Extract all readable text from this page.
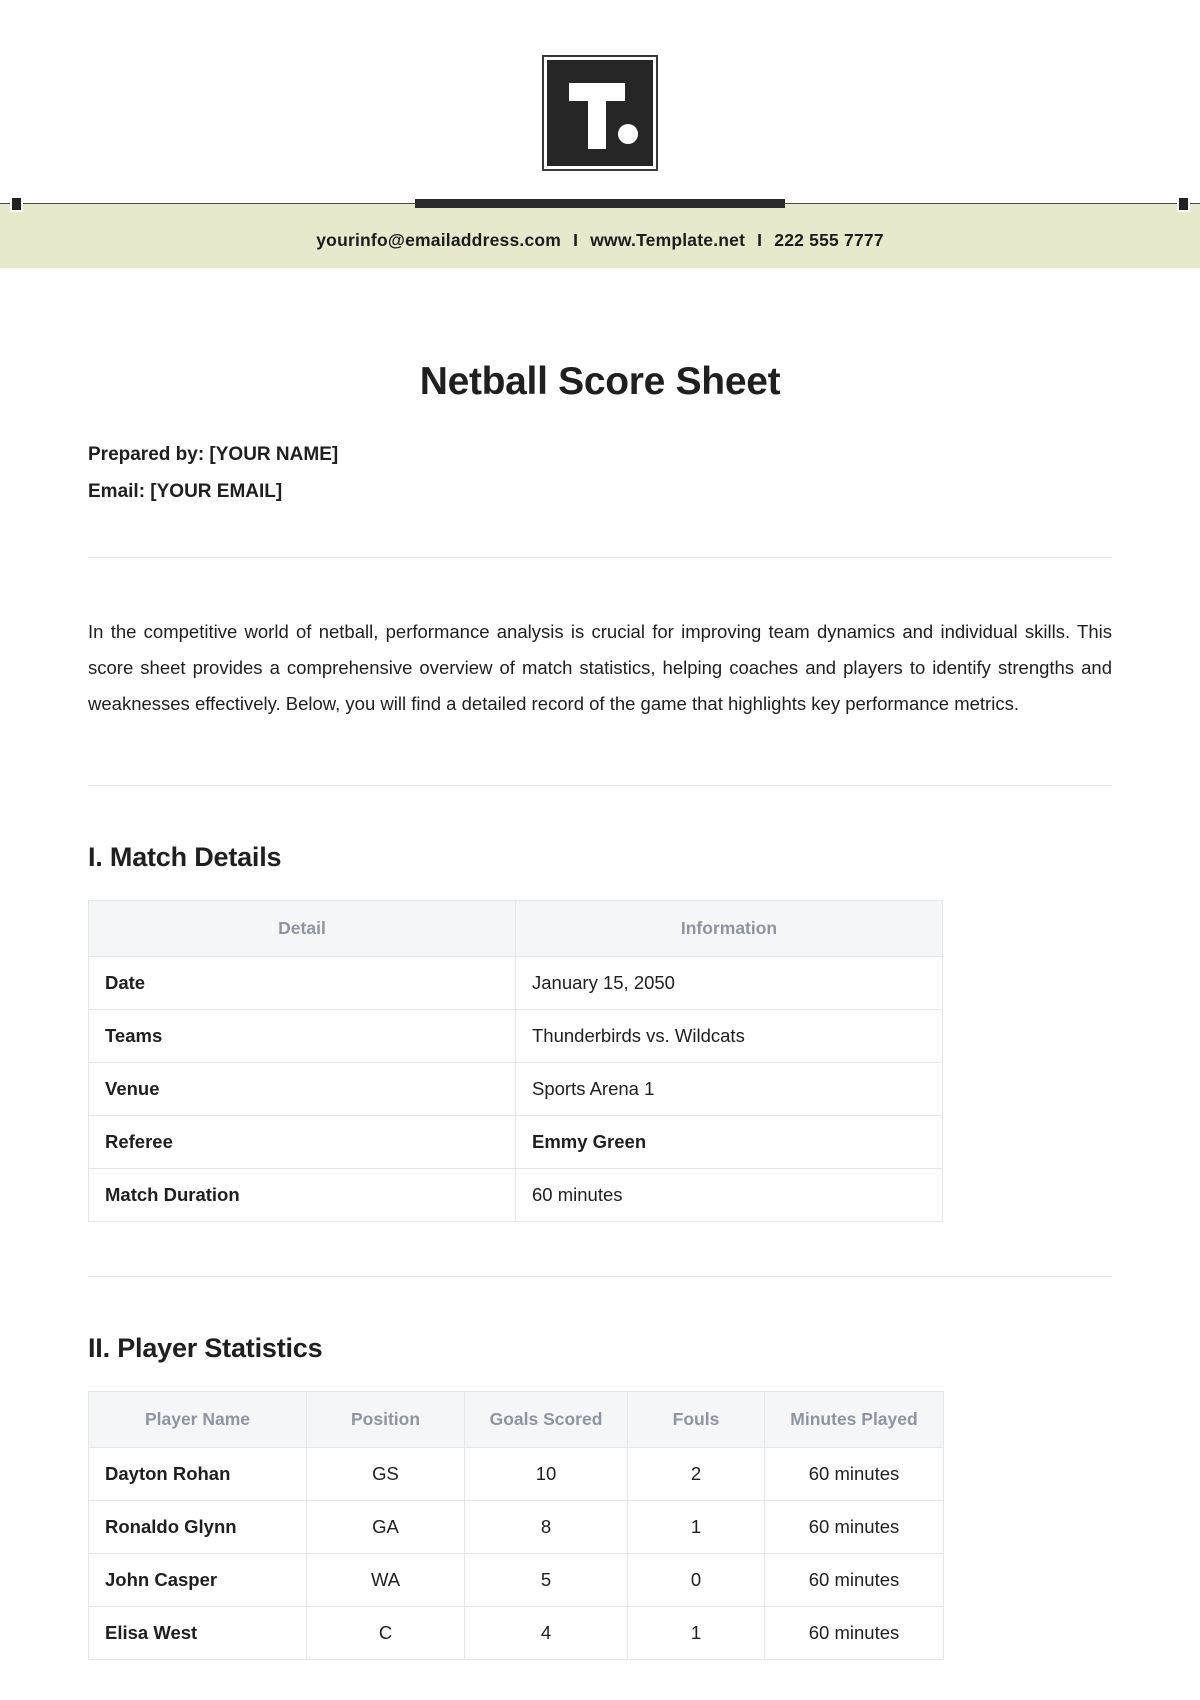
yourinfo@emailaddress.com I www.Template.net I 222 555 7777
Netball Score Sheet
Prepared by: [YOUR NAME]
Email: [YOUR EMAIL]

In the competitive world of netball, performance analysis is crucial for improving team dynamics and individual skills. This score sheet provides a comprehensive overview of match statistics, helping coaches and players to identify strengths and weaknesses effectively. Below, you will find a detailed record of the game that highlights key performance metrics.

I. Match Details
Detail	Information
Date	January 15, 2050
Teams	Thunderbirds vs. Wildcats
Venue	Sports Arena 1
Referee	Emmy Green
Match Duration	60 minutes
II. Player Statistics
Player Name	Position	Goals Scored	Fouls	Minutes Played
Dayton Rohan	GS	10	2	60 minutes
Ronaldo Glynn	GA	8	1	60 minutes
John Casper	WA	5	0	60 minutes
Elisa West	C	4	1	60 minutes
